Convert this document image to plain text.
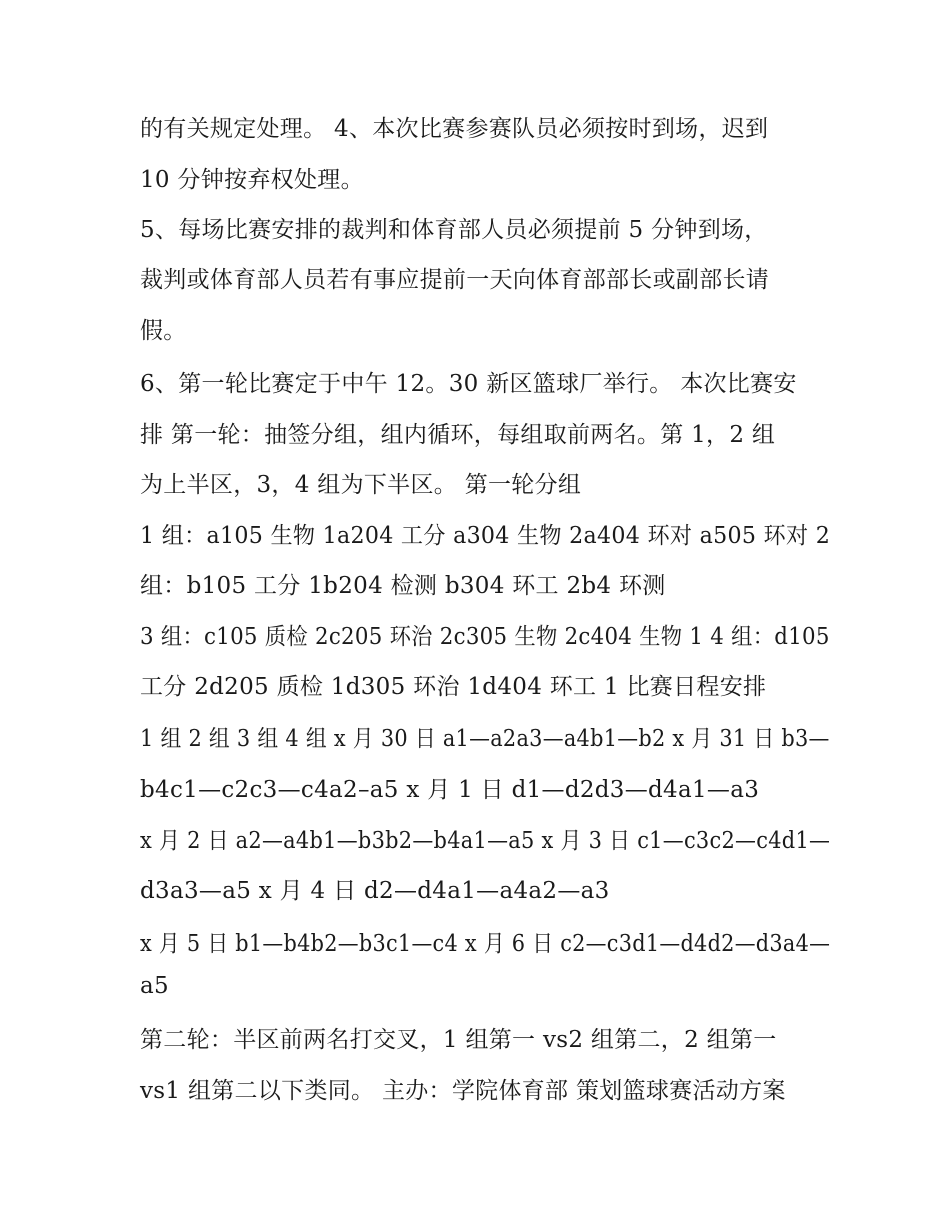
的有关规定处理。 4、本次比赛参赛队员必须按时到场，迟到
10 分钟按弃权处理。
5、每场比赛安排的裁判和体育部人员必须提前 5 分钟到场，
裁判或体育部人员若有事应提前一天向体育部部长或副部长请
假。
6、第一轮比赛定于中午 12。30 新区篮球厂举行。 本次比赛安
排 第一轮：抽签分组，组内循环，每组取前两名。第 1，2 组
为上半区，3，4 组为下半区。 第一轮分组
1 组：a105 生物 1a204 工分 a304 生物 2a404 环对 a505 环对 2
组：b105 工分 1b204 检测 b304 环工 2b4 环测
3 组：c105 质检 2c205 环治 2c305 生物 2c404 生物 1 4 组：d105
工分 2d205 质检 1d305 环治 1d404 环工 1 比赛日程安排
1 组 2 组 3 组 4 组 x 月 30 日 a1—a2a3—a4b1—b2 x 月 31 日 b3—
b4c1—c2c3—c4a2–a5 x 月 1 日 d1—d2d3—d4a1—a3
x 月 2 日 a2—a4b1—b3b2—b4a1—a5 x 月 3 日 c1—c3c2—c4d1—
d3a3—a5 x 月 4 日 d2—d4a1—a4a2—a3
x 月 5 日 b1—b4b2—b3c1—c4 x 月 6 日 c2—c3d1—d4d2—d3a4—
a5
第二轮：半区前两名打交叉，1 组第一 vs2 组第二，2 组第一
vs1 组第二以下类同。 主办：学院体育部 策划篮球赛活动方案
